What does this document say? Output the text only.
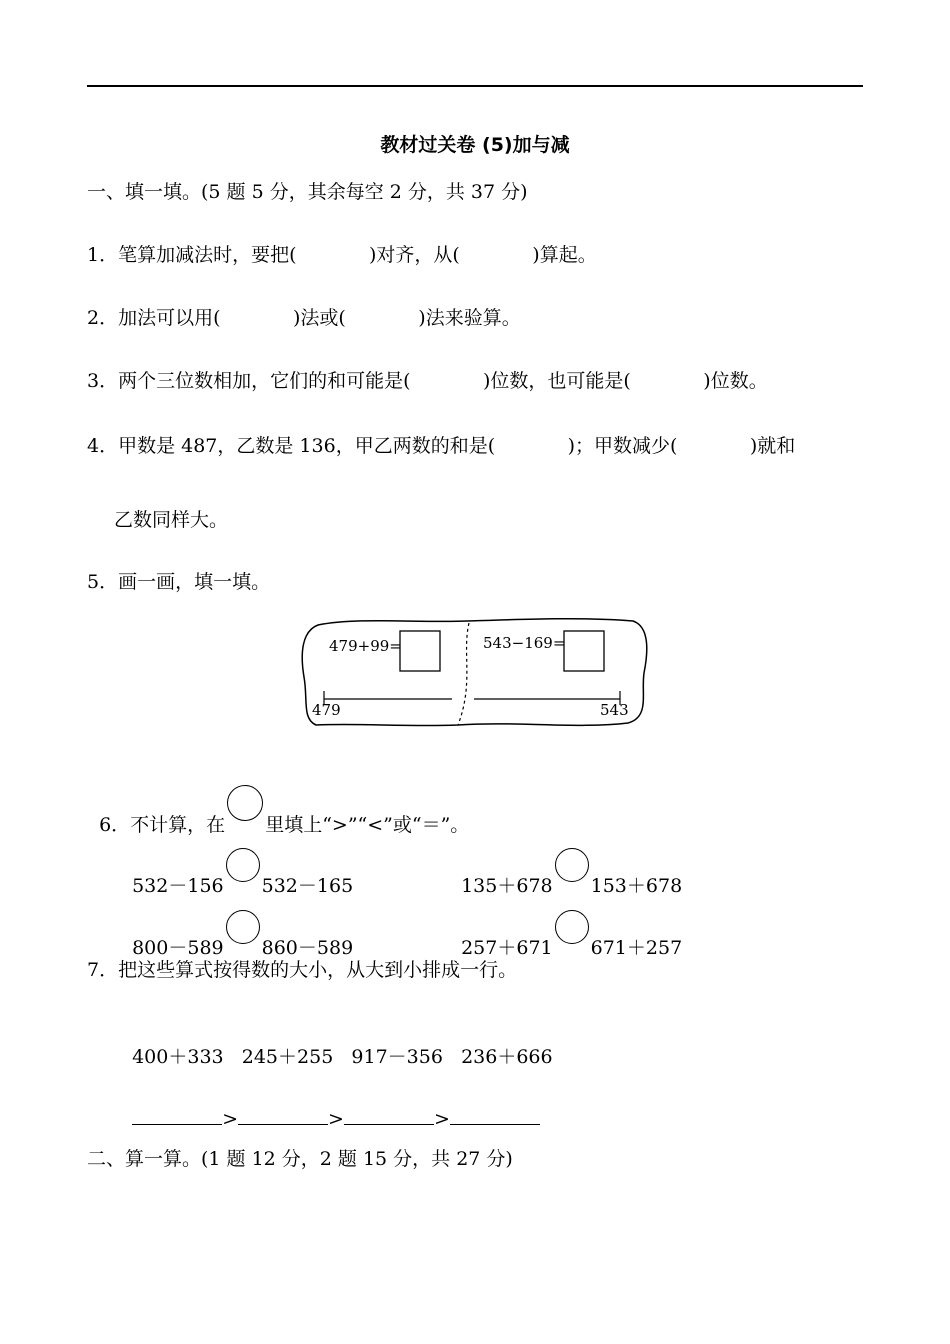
教材过关卷 (5)加与减
一、填一填。(5 题 5 分，其余每空 2 分，共 37 分)
1．笔算加减法时，要把(            )对齐，从(            )算起。
2．加法可以用(            )法或(            )法来验算。
3．两个三位数相加，它们的和可能是(            )位数，也可能是(            )位数。
4．甲数是 487，乙数是 136，甲乙两数的和是(            )；甲数减少(            )就和
乙数同样大。
5．画一画，填一填。
479+99=	543−169=
479	543

6．不计算，在 里填上“>”“<”或“＝”。

532－156 532－165	135＋678 153＋678

800－589 860－589	257＋671 671＋257

7．把这些算式按得数的大小，从大到小排成一行。

400＋333 245＋255 917－356 236＋666

>	>	>

二、算一算。(1 题 12 分，2 题 15 分，共 27 分)
